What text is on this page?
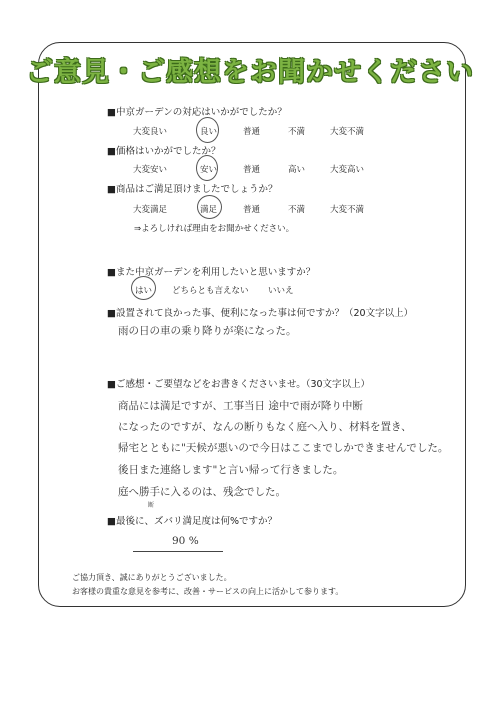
ご意見・ご感想をお聞かせください
■中京ガーデンの対応はいかがでしたか？
大変良い	良い	普通	不満	大変不満
■価格はいかがでしたか？
大変安い	安い	普通	高い	大変高い
■商品はご満足頂けましたでしょうか？
大変満足	満足	普通	不満	大変不満
⇒よろしければ理由をお聞かせください。
■また中京ガーデンを利用したいと思いますか？
はい どちらとも言えない いいえ
■設置されて良かった事、便利になった事は何ですか？（20文字以上）
雨の日の車の乗り降りが楽になった。
■ご感想・ご要望などをお書きくださいませ。（30文字以上）
商品には満足ですが、工事当日 途中で雨が降り中断
になったのですが、なんの断りもなく庭へ入り、材料を置き、
帰宅とともに"天候が悪いので今日はここまでしかできませんでした。
後日また連絡します"と言い帰って行きました。
庭へ勝手に入るのは、残念でした。
断
■最後に、ズバリ満足度は何%ですか？
90 %
ご協力頂き、誠にありがとうございました。
お客様の貴重な意見を参考に、改善・サービスの向上に活かして参ります。
